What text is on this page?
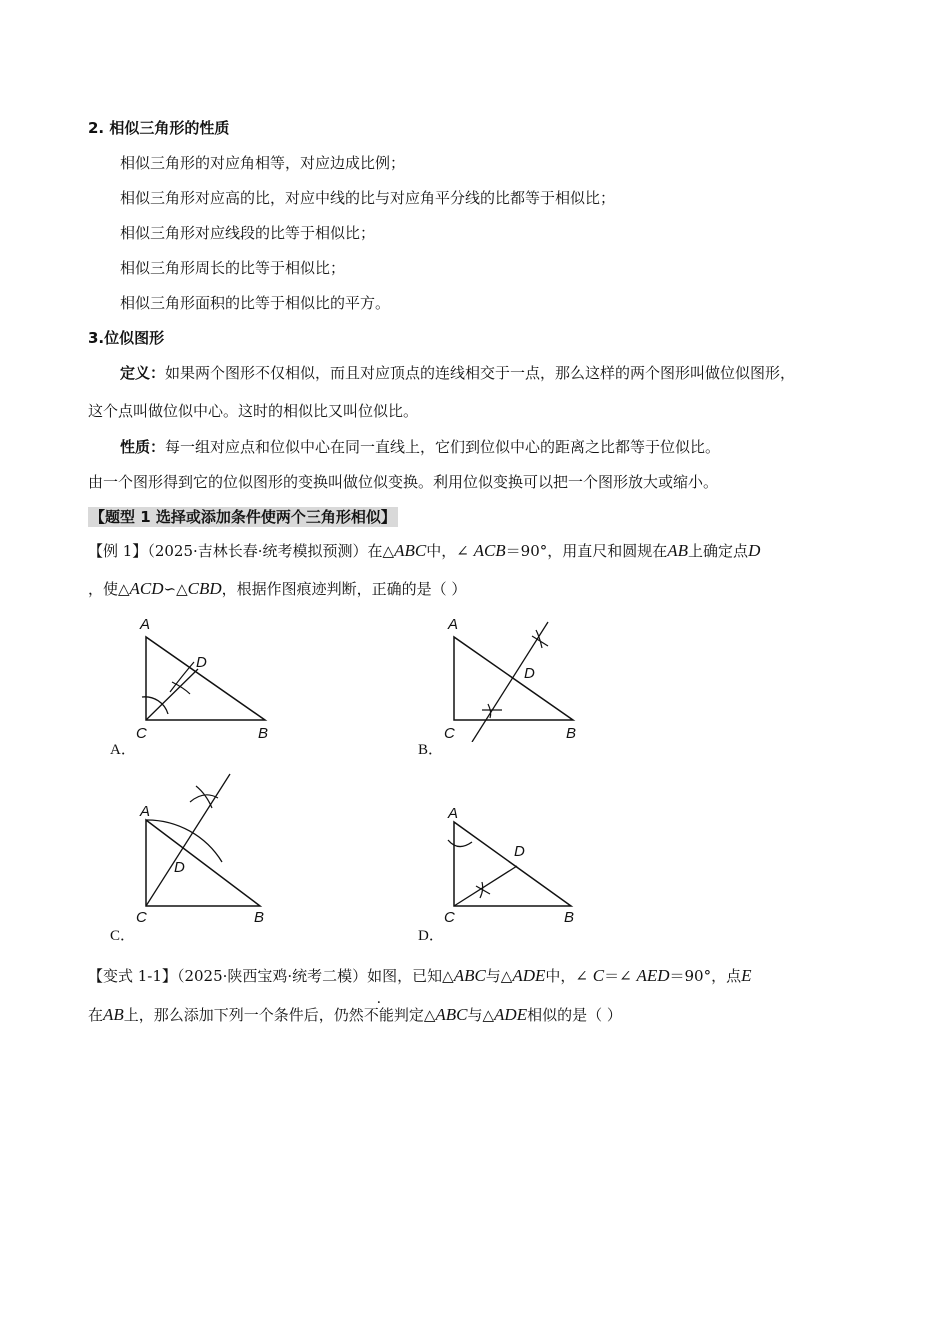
2. 相似三角形的性质
相似三角形的对应角相等，对应边成比例；
相似三角形对应高的比，对应中线的比与对应角平分线的比都等于相似比；
相似三角形对应线段的比等于相似比；
相似三角形周长的比等于相似比；
相似三角形面积的比等于相似比的平方。
3.位似图形
定义：如果两个图形不仅相似，而且对应顶点的连线相交于一点，那么这样的两个图形叫做位似图形，
这个点叫做位似中心。这时的相似比又叫位似比。
性质：每一组对应点和位似中心在同一直线上，它们到位似中心的距离之比都等于位似比。
由一个图形得到它的位似图形的变换叫做位似变换。利用位似变换可以把一个图形放大或缩小。
【题型 1 选择或添加条件使两个三角形相似】
【例 1】（2025·吉林长春·统考模拟预测）在△ABC中，∠ ACB＝90°，用直尺和圆规在AB上确定点D
，使△ACD∽△CBD，根据作图痕迹判断，正确的是（ ）
A
D
C	B
A．
A
D
C	B
B．
A
D
C	B
C．
A
D
C	B
D．
【变式 1-1】（2025·陕西宝鸡·统考二模）如图，已知△ABC与△ADE中，∠ C＝∠ AED＝90°，点E
在AB上，那么添加下列一个条件后，仍然不能判定△ABC与△ADE相似的是（ ）
